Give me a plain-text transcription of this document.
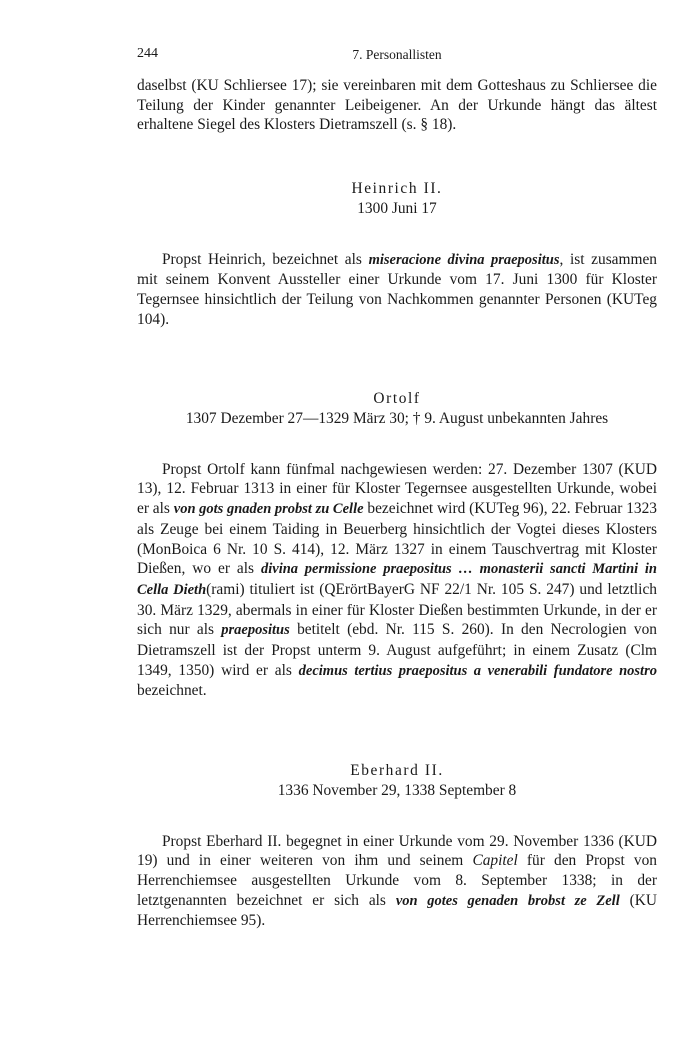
244	7. Personallisten

daselbst (KU Schliersee 17); sie vereinbaren mit dem Gotteshaus zu Schliersee die Teilung der Kinder genannter Leibeigener. An der Urkunde hängt das ältest erhaltene Siegel des Klosters Dietramszell (s. § 18).

Heinrich II.
1300 Juni 17

Propst Heinrich, bezeichnet als miseracione divina praepositus, ist zusammen mit seinem Konvent Aussteller einer Urkunde vom 17. Juni 1300 für Kloster Tegernsee hinsichtlich der Teilung von Nachkommen genannter Personen (KUTeg 104).

Ortolf
1307 Dezember 27—1329 März 30; † 9. August unbekannten Jahres

Propst Ortolf kann fünfmal nachgewiesen werden: 27. Dezember 1307 (KUD 13), 12. Februar 1313 in einer für Kloster Tegernsee ausgestellten Urkunde, wobei er als von gots gnaden probst zu Celle bezeichnet wird (KUTeg 96), 22. Februar 1323 als Zeuge bei einem Taiding in Beuerberg hinsichtlich der Vogtei dieses Klosters (MonBoica 6 Nr. 10 S. 414), 12. März 1327 in einem Tauschvertrag mit Kloster Dießen, wo er als divina permissione praepositus … monasterii sancti Martini in Cella Dieth(rami) tituliert ist (QErörtBayerG NF 22/1 Nr. 105 S. 247) und letztlich 30. März 1329, abermals in einer für Kloster Dießen bestimmten Urkunde, in der er sich nur als praepositus betitelt (ebd. Nr. 115 S. 260). In den Necrologien von Dietramszell ist der Propst unterm 9. August aufgeführt; in einem Zusatz (Clm 1349, 1350) wird er als decimus tertius praepositus a venerabili fundatore nostro bezeichnet.

Eberhard II.
1336 November 29, 1338 September 8

Propst Eberhard II. begegnet in einer Urkunde vom 29. November 1336 (KUD 19) und in einer weiteren von ihm und seinem Capitel für den Propst von Herrenchiemsee ausgestellten Urkunde vom 8. September 1338; in der letztgenannten bezeichnet er sich als von gotes genaden brobst ze Zell (KU Herrenchiemsee 95).
